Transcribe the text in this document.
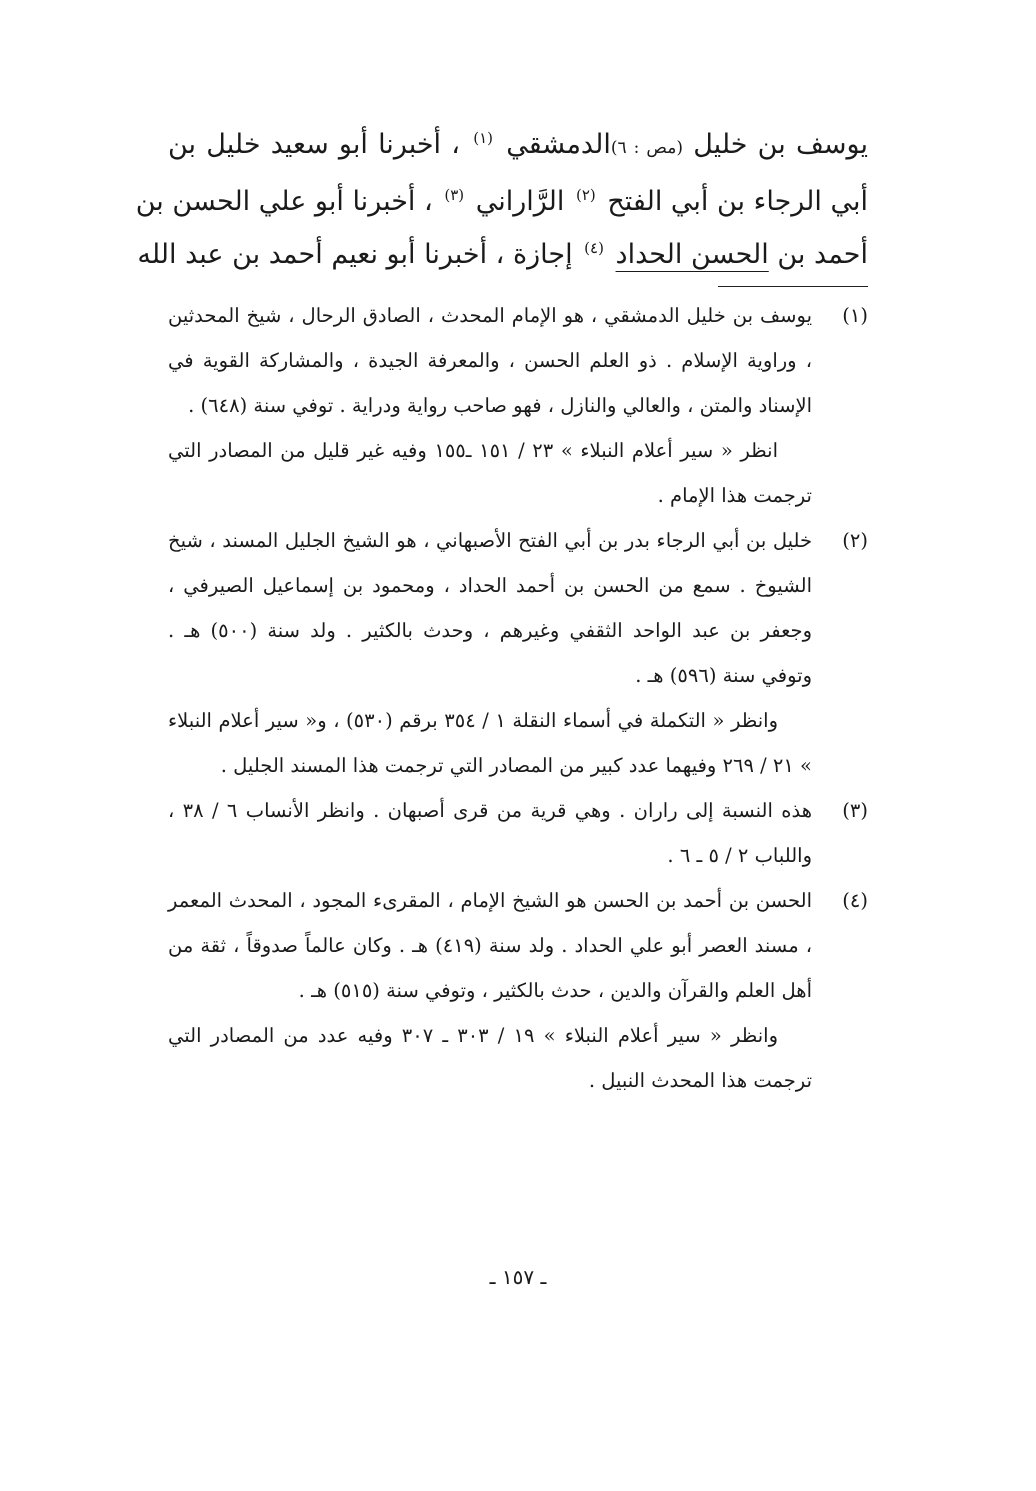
يوسف بن خليل (مص : ٦)الدمشقي $^{(١)}$ ، أخبرنا أبو سعيد خليل بن
أبي الرجاء بن أبي الفتح $^{(٢)}$ الرَّاراني $^{(٣)}$ ، أخبرنا أبو علي الحسن بن
أحمد بن الحسن الحداد $^{(٤)}$ إجازة ، أخبرنا أبو نعيم أحمد بن عبد الله
(١)

يوسف بن خليل الدمشقي ، هو الإمام المحدث ، الصادق الرحال ، شيخ المحدثين ، وراوية الإسلام . ذو العلم الحسن ، والمعرفة الجيدة ، والمشاركة القوية في الإسناد والمتن ، والعالي والنازل ، فهو صاحب رواية ودراية . توفي سنة (٦٤٨) .

انظر « سير أعلام النبلاء » ٢٣ / ١٥١ ـ١٥٥ وفيه غير قليل من المصادر التي ترجمت هذا الإمام .

(٢)

خليل بن أبي الرجاء بدر بن أبي الفتح الأصبهاني ، هو الشيخ الجليل المسند ، شيخ الشيوخ . سمع من الحسن بن أحمد الحداد ، ومحمود بن إسماعيل الصيرفي ، وجعفر بن عبد الواحد الثقفي وغيرهم ، وحدث بالكثير . ولد سنة (٥٠٠) هـ . وتوفي سنة (٥٩٦) هـ .

وانظر « التكملة في أسماء النقلة ١ / ٣٥٤ برقم (٥٣٠) ، و« سير أعلام النبلاء » ٢١ / ٢٦٩ وفيهما عدد كبير من المصادر التي ترجمت هذا المسند الجليل .

(٣)

هذه النسبة إلى راران . وهي قرية من قرى أصبهان . وانظر الأنساب ٦ / ٣٨ ، واللباب ٢ / ٥ ـ ٦ .

(٤)

الحسن بن أحمد بن الحسن هو الشيخ الإمام ، المقرىء المجود ، المحدث المعمر ، مسند العصر أبو علي الحداد . ولد سنة (٤١٩) هـ . وكان عالماً صدوقاً ، ثقة من أهل العلم والقرآن والدين ، حدث بالكثير ، وتوفي سنة (٥١٥) هـ .

وانظر « سير أعلام النبلاء » ١٩ / ٣٠٣ ـ ٣٠٧ وفيه عدد من المصادر التي ترجمت هذا المحدث النبيل .

ـ ١٥٧ ـ
